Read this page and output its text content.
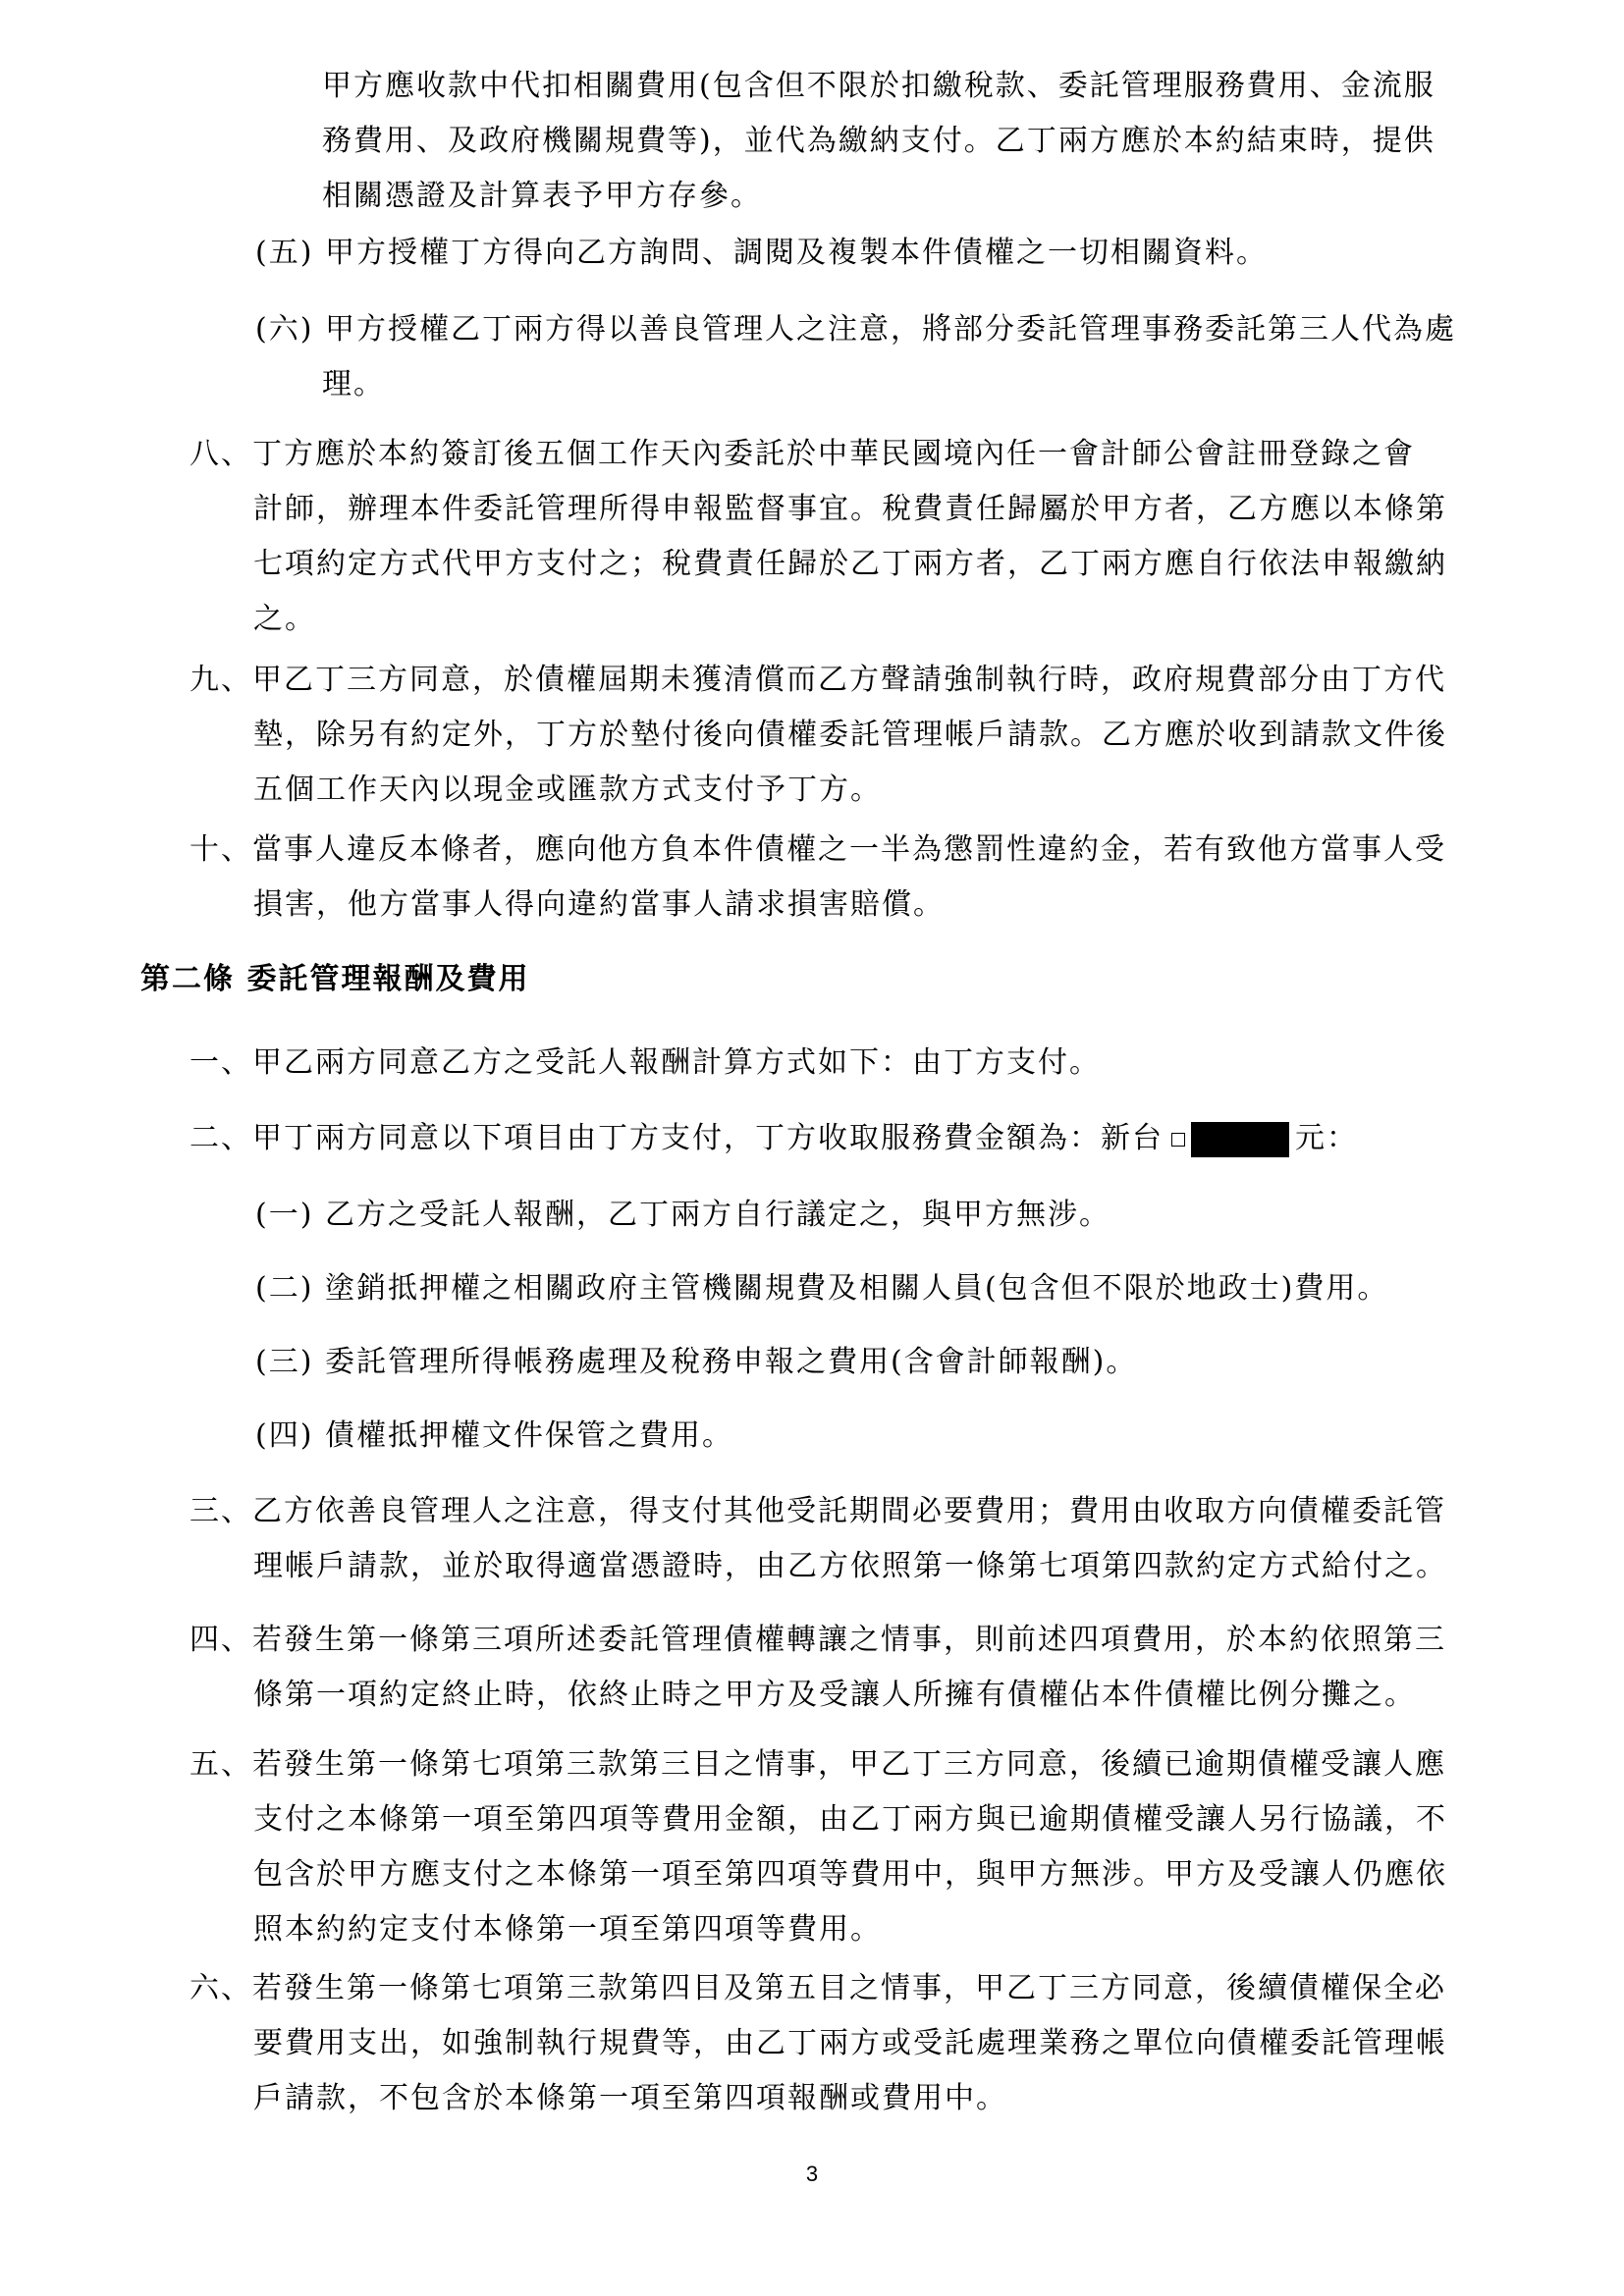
甲方應收款中代扣相關費用(包含但不限於扣繳稅款、委託管理服務費用、金流服
務費用、及政府機關規費等)，並代為繳納支付。乙丁兩方應於本約結束時，提供
相關憑證及計算表予甲方存參。
(五) 甲方授權丁方得向乙方詢問、調閱及複製本件債權之一切相關資料。
(六) 甲方授權乙丁兩方得以善良管理人之注意，將部分委託管理事務委託第三人代為處
理。
八、丁方應於本約簽訂後五個工作天內委託於中華民國境內任一會計師公會註冊登錄之會
計師，辦理本件委託管理所得申報監督事宜。稅費責任歸屬於甲方者，乙方應以本條第
七項約定方式代甲方支付之；稅費責任歸於乙丁兩方者，乙丁兩方應自行依法申報繳納
之。
九、甲乙丁三方同意，於債權屆期未獲清償而乙方聲請強制執行時，政府規費部分由丁方代
墊，除另有約定外，丁方於墊付後向債權委託管理帳戶請款。乙方應於收到請款文件後
五個工作天內以現金或匯款方式支付予丁方。
十、當事人違反本條者，應向他方負本件債權之一半為懲罰性違約金，若有致他方當事人受
損害，他方當事人得向違約當事人請求損害賠償。
第二條 委託管理報酬及費用
一、甲乙兩方同意乙方之受託人報酬計算方式如下：由丁方支付。
二、甲丁兩方同意以下項目由丁方支付，丁方收取服務費金額為：新台	元：
(一) 乙方之受託人報酬，乙丁兩方自行議定之，與甲方無涉。
(二) 塗銷抵押權之相關政府主管機關規費及相關人員(包含但不限於地政士)費用。
(三) 委託管理所得帳務處理及稅務申報之費用(含會計師報酬)。
(四) 債權抵押權文件保管之費用。
三、乙方依善良管理人之注意，得支付其他受託期間必要費用；費用由收取方向債權委託管
理帳戶請款，並於取得適當憑證時，由乙方依照第一條第七項第四款約定方式給付之。
四、若發生第一條第三項所述委託管理債權轉讓之情事，則前述四項費用，於本約依照第三
條第一項約定終止時，依終止時之甲方及受讓人所擁有債權佔本件債權比例分攤之。
五、若發生第一條第七項第三款第三目之情事，甲乙丁三方同意，後續已逾期債權受讓人應
支付之本條第一項至第四項等費用金額，由乙丁兩方與已逾期債權受讓人另行協議，不
包含於甲方應支付之本條第一項至第四項等費用中，與甲方無涉。甲方及受讓人仍應依
照本約約定支付本條第一項至第四項等費用。
六、若發生第一條第七項第三款第四目及第五目之情事，甲乙丁三方同意，後續債權保全必
要費用支出，如強制執行規費等，由乙丁兩方或受託處理業務之單位向債權委託管理帳
戶請款，不包含於本條第一項至第四項報酬或費用中。
3
